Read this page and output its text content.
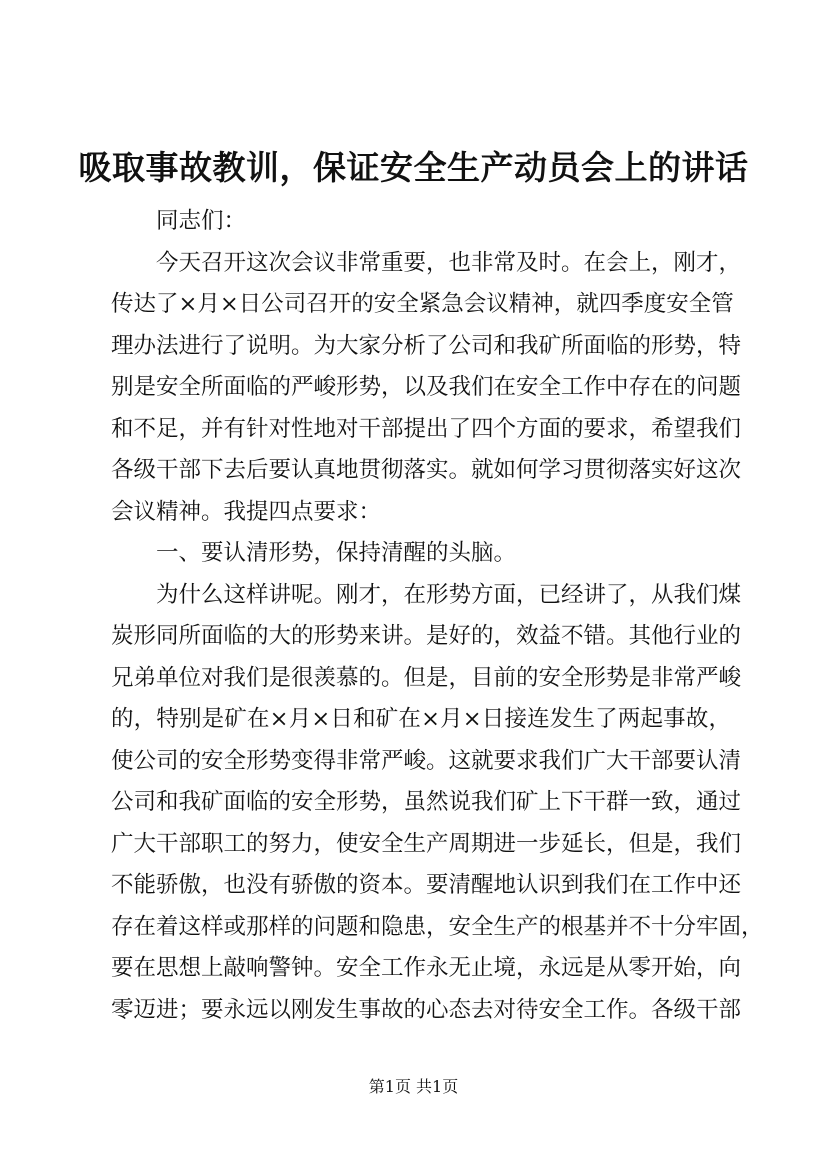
吸取事故教训，保证安全生产动员会上的讲话
同志们：
今天召开这次会议非常重要，也非常及时。在会上，刚才，
传达了×月×日公司召开的安全紧急会议精神，就四季度安全管
理办法进行了说明。为大家分析了公司和我矿所面临的形势，特
别是安全所面临的严峻形势，以及我们在安全工作中存在的问题
和不足，并有针对性地对干部提出了四个方面的要求，希望我们
各级干部下去后要认真地贯彻落实。就如何学习贯彻落实好这次
会议精神。我提四点要求：
一、要认清形势，保持清醒的头脑。
为什么这样讲呢。刚才，在形势方面，已经讲了，从我们煤
炭形同所面临的大的形势来讲。是好的，效益不错。其他行业的
兄弟单位对我们是很羡慕的。但是，目前的安全形势是非常严峻
的，特别是矿在×月×日和矿在×月×日接连发生了两起事故，
使公司的安全形势变得非常严峻。这就要求我们广大干部要认清
公司和我矿面临的安全形势，虽然说我们矿上下干群一致，通过
广大干部职工的努力，使安全生产周期进一步延长，但是，我们
不能骄傲，也没有骄傲的资本。要清醒地认识到我们在工作中还
存在着这样或那样的问题和隐患，安全生产的根基并不十分牢固，
要在思想上敲响警钟。安全工作永无止境，永远是从零开始，向
零迈进；要永远以刚发生事故的心态去对待安全工作。各级干部
第1页 共1页
